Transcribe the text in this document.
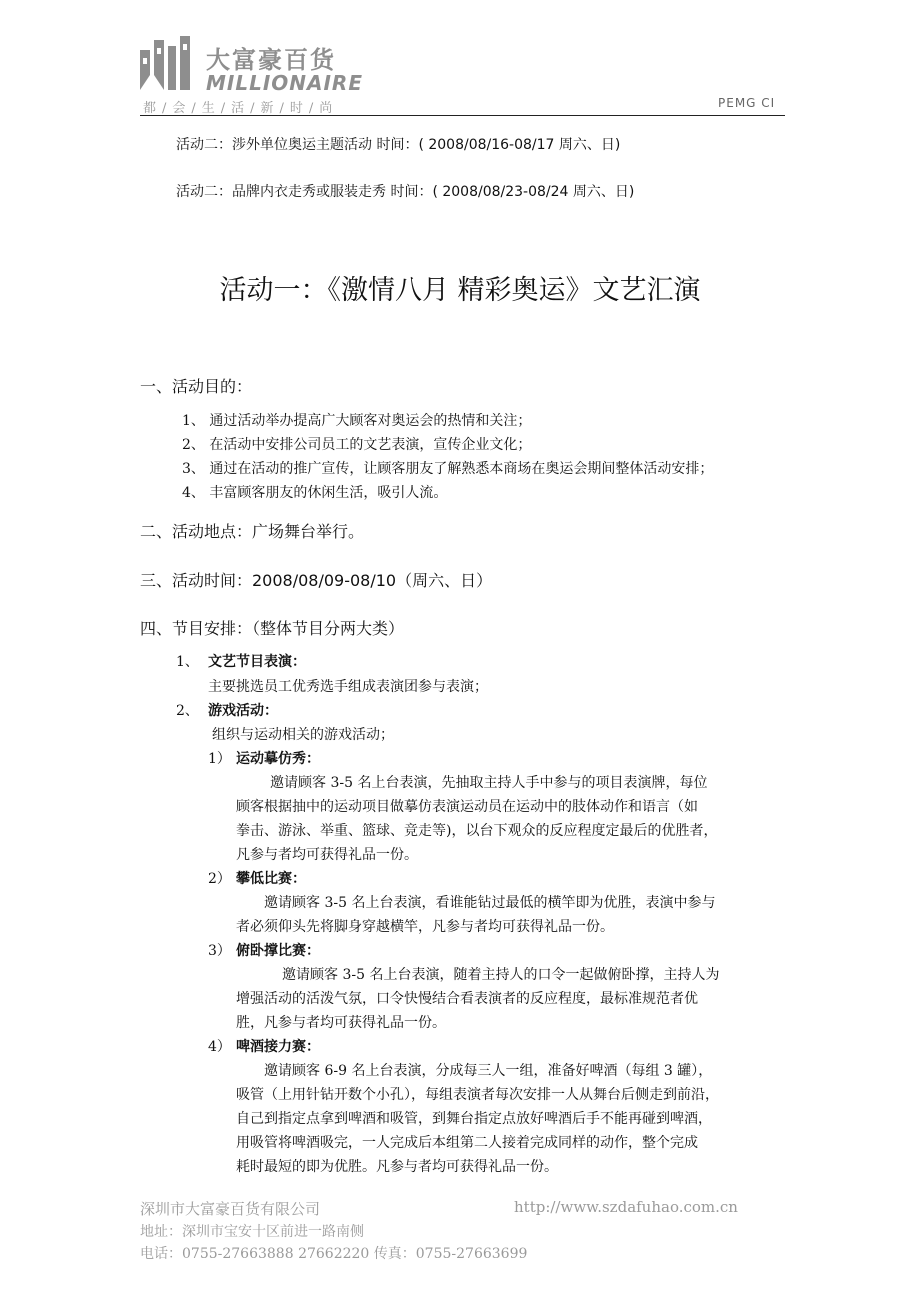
大富豪百货
MILLIONAIRE
都/会/生/活/新/时/尚	PEMG CI
活动二：涉外单位奥运主题活动 时间：( 2008/08/16-08/17 周六、日)
活动二：品牌内衣走秀或服装走秀 时间：( 2008/08/23-08/24 周六、日)
活动一：《激情八月 精彩奥运》文艺汇演
一、活动目的：
1、 通过活动举办提高广大顾客对奥运会的热情和关注；
2、 在活动中安排公司员工的文艺表演，宣传企业文化；
3、 通过在活动的推广宣传，让顾客朋友了解熟悉本商场在奥运会期间整体活动安排；
4、 丰富顾客朋友的休闲生活，吸引人流。
二、活动地点：广场舞台举行。
三、活动时间：2008/08/09-08/10（周六、日）
四、节目安排：（整体节目分两大类）
1、 文艺节目表演：
主要挑选员工优秀选手组成表演团参与表演；
2、 游戏活动：
组织与运动相关的游戏活动；
1） 运动摹仿秀：
邀请顾客 3-5 名上台表演，先抽取主持人手中参与的项目表演牌，每位
顾客根据抽中的运动项目做摹仿表演运动员在运动中的肢体动作和语言（如
拳击、游泳、举重、篮球、竞走等)，以台下观众的反应程度定最后的优胜者，
凡参与者均可获得礼品一份。
2） 攀低比赛：
邀请顾客 3-5 名上台表演，看谁能钻过最低的横竿即为优胜，表演中参与
者必须仰头先将脚身穿越横竿，凡参与者均可获得礼品一份。
3） 俯卧撑比赛：
邀请顾客 3-5 名上台表演，随着主持人的口令一起做俯卧撑，主持人为
增强活动的活泼气氛，口令快慢结合看表演者的反应程度，最标准规范者优
胜，凡参与者均可获得礼品一份。
4） 啤酒接力赛：
邀请顾客 6-9 名上台表演，分成每三人一组，准备好啤酒（每组 3 罐），
吸管（上用针钻开数个小孔），每组表演者每次安排一人从舞台后侧走到前沿，
自己到指定点拿到啤酒和吸管，到舞台指定点放好啤酒后手不能再碰到啤酒，
用吸管将啤酒吸完，一人完成后本组第二人接着完成同样的动作，整个完成
耗时最短的即为优胜。凡参与者均可获得礼品一份。
深圳市大富豪百货有限公司	http://www.szdafuhao.com.cn
地址：深圳市宝安十区前进一路南侧
电话：0755-27663888 27662220 传真：0755-27663699
